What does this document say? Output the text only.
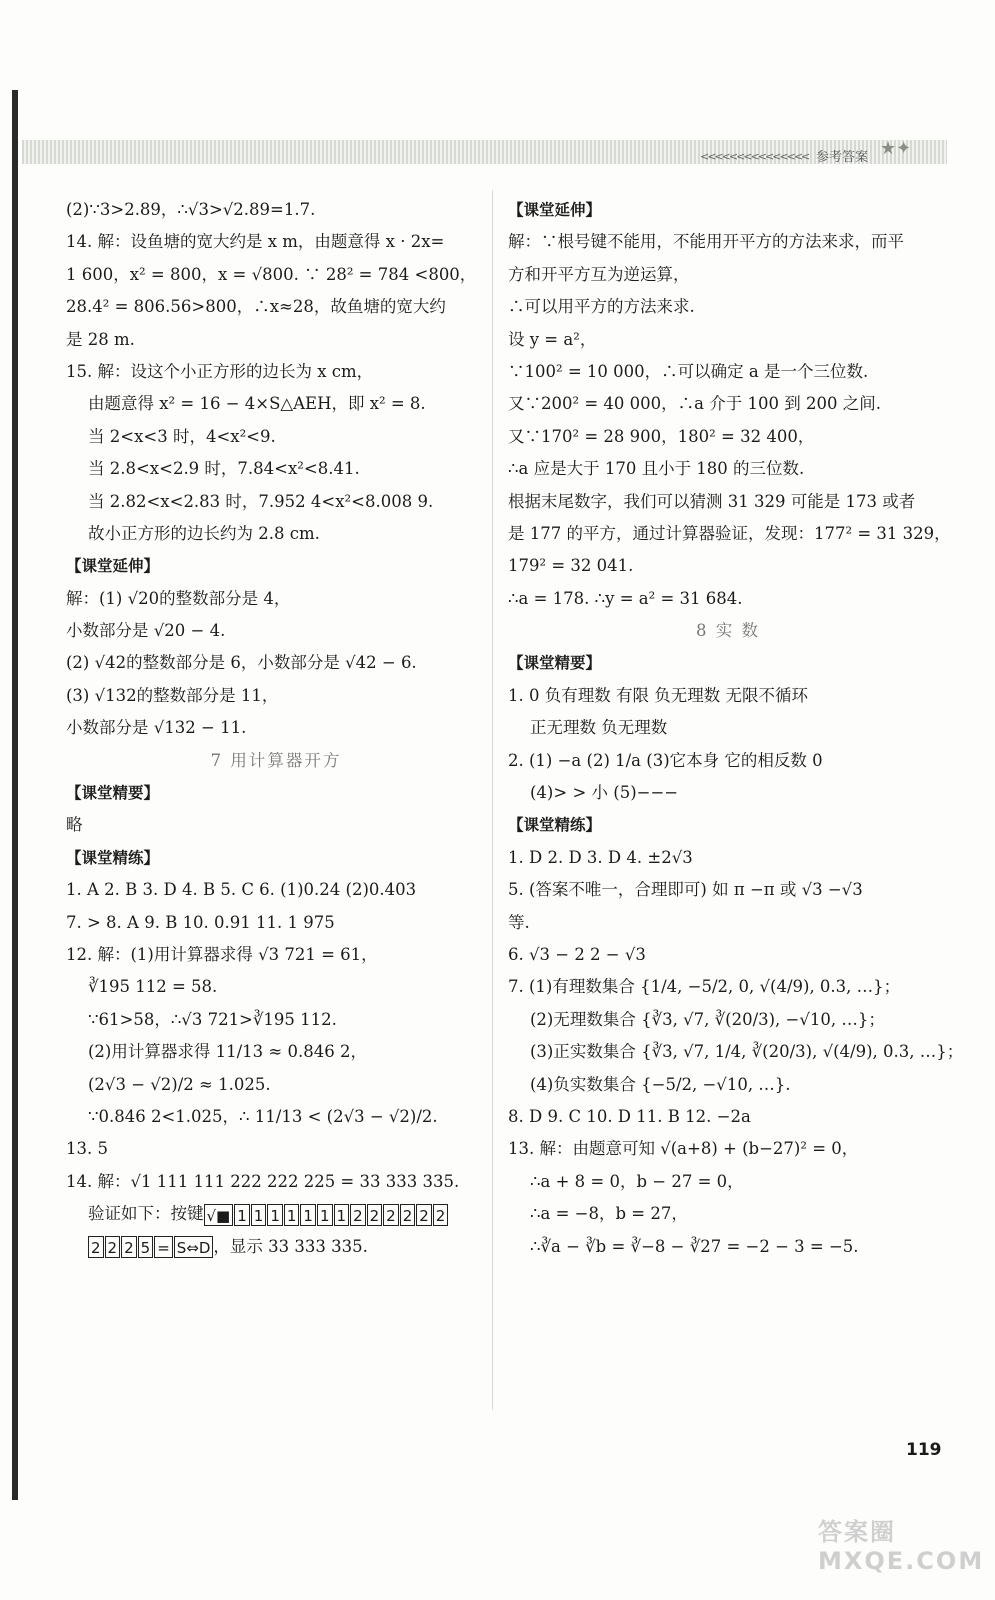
<<<<<<<<<<<<<<< 参考答案 ★✦
(2)∵3>2.89，∴√3>√2.89=1.7.
14. 解：设鱼塘的宽大约是 x m，由题意得 x · 2x=
1 600，x² = 800，x = √800. ∵ 28² = 784 <800，
28.4² = 806.56>800，∴x≈28，故鱼塘的宽大约
是 28 m.
15. 解：设这个小正方形的边长为 x cm，
由题意得 x² = 16 − 4×S△AEH，即 x² = 8.
当 2<x<3 时，4<x²<9.
当 2.8<x<2.9 时，7.84<x²<8.41.
当 2.82<x<2.83 时，7.952 4<x²<8.008 9.
故小正方形的边长约为 2.8 cm.
【课堂延伸】
解：(1) √20的整数部分是 4，
小数部分是 √20 − 4.
(2) √42的整数部分是 6，小数部分是 √42 − 6.
(3) √132的整数部分是 11，
小数部分是 √132 − 11.
7 用计算器开方
【课堂精要】
略
【课堂精练】
1. A 2. B 3. D 4. B 5. C 6. (1)0.24 (2)0.403
7. > 8. A 9. B 10. 0.91 11. 1 975
12. 解：(1)用计算器求得 √3 721 = 61，
∛195 112 = 58.
∵61>58，∴√3 721>∛195 112.
(2)用计算器求得 11/13 ≈ 0.846 2，
(2√3 − √2)/2 ≈ 1.025.
∵0.846 2<1.025，∴ 11/13 < (2√3 − √2)/2.
13. 5
14. 解：√1 111 111 222 222 225 = 33 333 335.
验证如下：按键 √■ 1 1 1 1 1 1 1 2 2 2 2 2 2
2 2 2 5 = S⇔D ，显示 33 333 335.
【课堂延伸】
解：∵根号键不能用，不能用开平方的方法来求，而平
方和开平方互为逆运算，
∴可以用平方的方法来求.
设 y = a²，
∵100² = 10 000，∴可以确定 a 是一个三位数.
又∵200² = 40 000，∴a 介于 100 到 200 之间.
又∵170² = 28 900，180² = 32 400，
∴a 应是大于 170 且小于 180 的三位数.
根据末尾数字，我们可以猜测 31 329 可能是 173 或者
是 177 的平方，通过计算器验证，发现：177² = 31 329，
179² = 32 041.
∴a = 178. ∴y = a² = 31 684.
8 实 数
【课堂精要】
1. 0 负有理数 有限 负无理数 无限不循环
正无理数 负无理数
2. (1) −a (2) 1/a (3)它本身 它的相反数 0
(4)> > 小 (5)−−−
【课堂精练】
1. D 2. D 3. D 4. ±2√3
5. (答案不唯一，合理即可) 如 π −π 或 √3 −√3
等.
6. √3 − 2 2 − √3
7. (1)有理数集合 {1/4, −5/2, 0, √(4/9), 0.3, …}；
(2)无理数集合 {∛3, √7, ∛(20/3), −√10, …}；
(3)正实数集合 {∛3, √7, 1/4, ∛(20/3), √(4/9), 0.3, …}；
(4)负实数集合 {−5/2, −√10, …}.
8. D 9. C 10. D 11. B 12. −2a
13. 解：由题意可知 √(a+8) + (b−27)² = 0，
∴a + 8 = 0，b − 27 = 0，
∴a = −8，b = 27，
∴∛a − ∛b = ∛−8 − ∛27 = −2 − 3 = −5.
119
答案圈 MXQE.COM
